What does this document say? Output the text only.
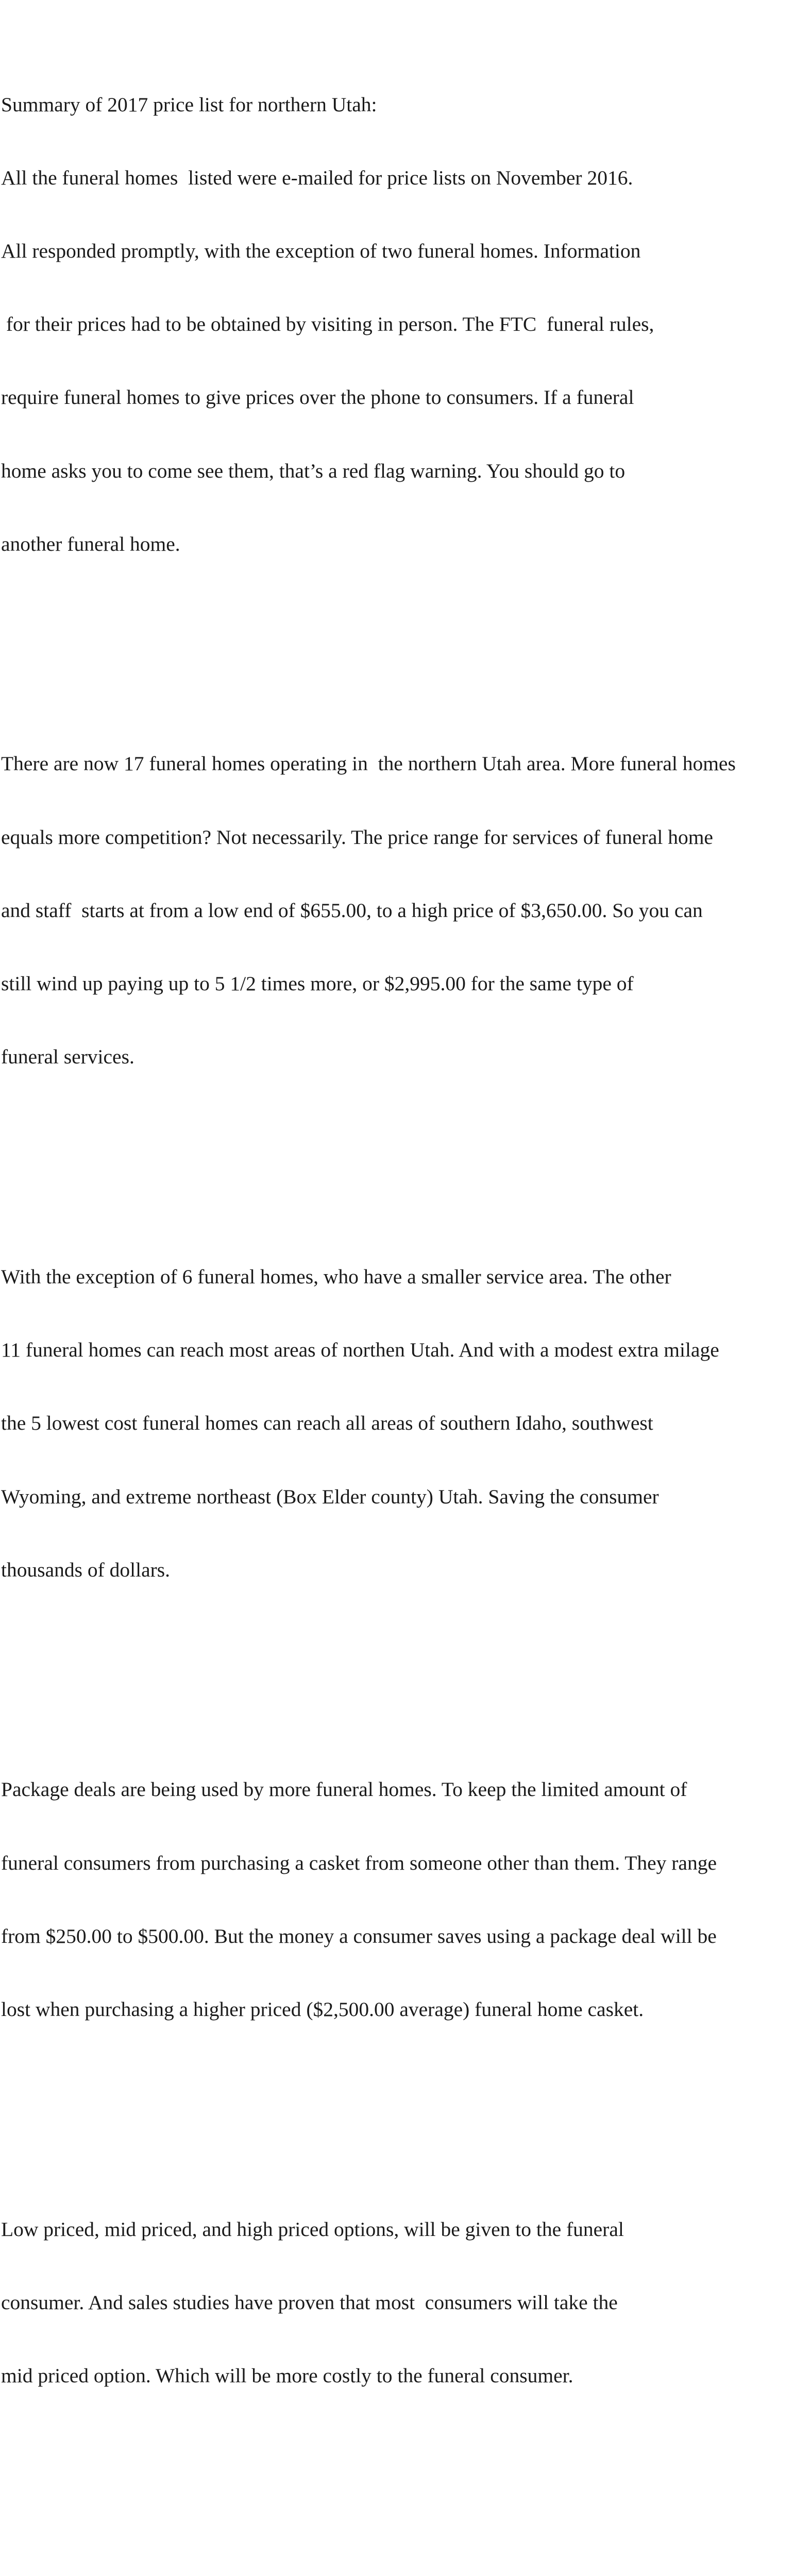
Summary of 2017 price list for northern Utah:

All the funeral homes  listed were e-mailed for price lists on November 2016.

All responded promptly, with the exception of two funeral homes. Information

for their prices had to be obtained by visiting in person. The FTC  funeral rules,

require funeral homes to give prices over the phone to consumers. If a funeral

home asks you to come see them, that’s a red flag warning. You should go to

another funeral home.

There are now 17 funeral homes operating in  the northern Utah area. More funeral homes

equals more competition? Not necessarily. The price range for services of funeral home

and staff  starts at from a low end of $655.00, to a high price of $3,650.00. So you can

still wind up paying up to 5 1/2 times more, or $2,995.00 for the same type of

funeral services.

With the exception of 6 funeral homes, who have a smaller service area. The other

11 funeral homes can reach most areas of northen Utah. And with a modest extra milage

the 5 lowest cost funeral homes can reach all areas of southern Idaho, southwest

Wyoming, and extreme northeast (Box Elder county) Utah. Saving the consumer

thousands of dollars.

Package deals are being used by more funeral homes. To keep the limited amount of

funeral consumers from purchasing a casket from someone other than them. They range

from $250.00 to $500.00. But the money a consumer saves using a package deal will be

lost when purchasing a higher priced ($2,500.00 average) funeral home casket.

Low priced, mid priced, and high priced options, will be given to the funeral

consumer. And sales studies have proven that most  consumers will take the

mid priced option. Which will be more costly to the funeral consumer.
